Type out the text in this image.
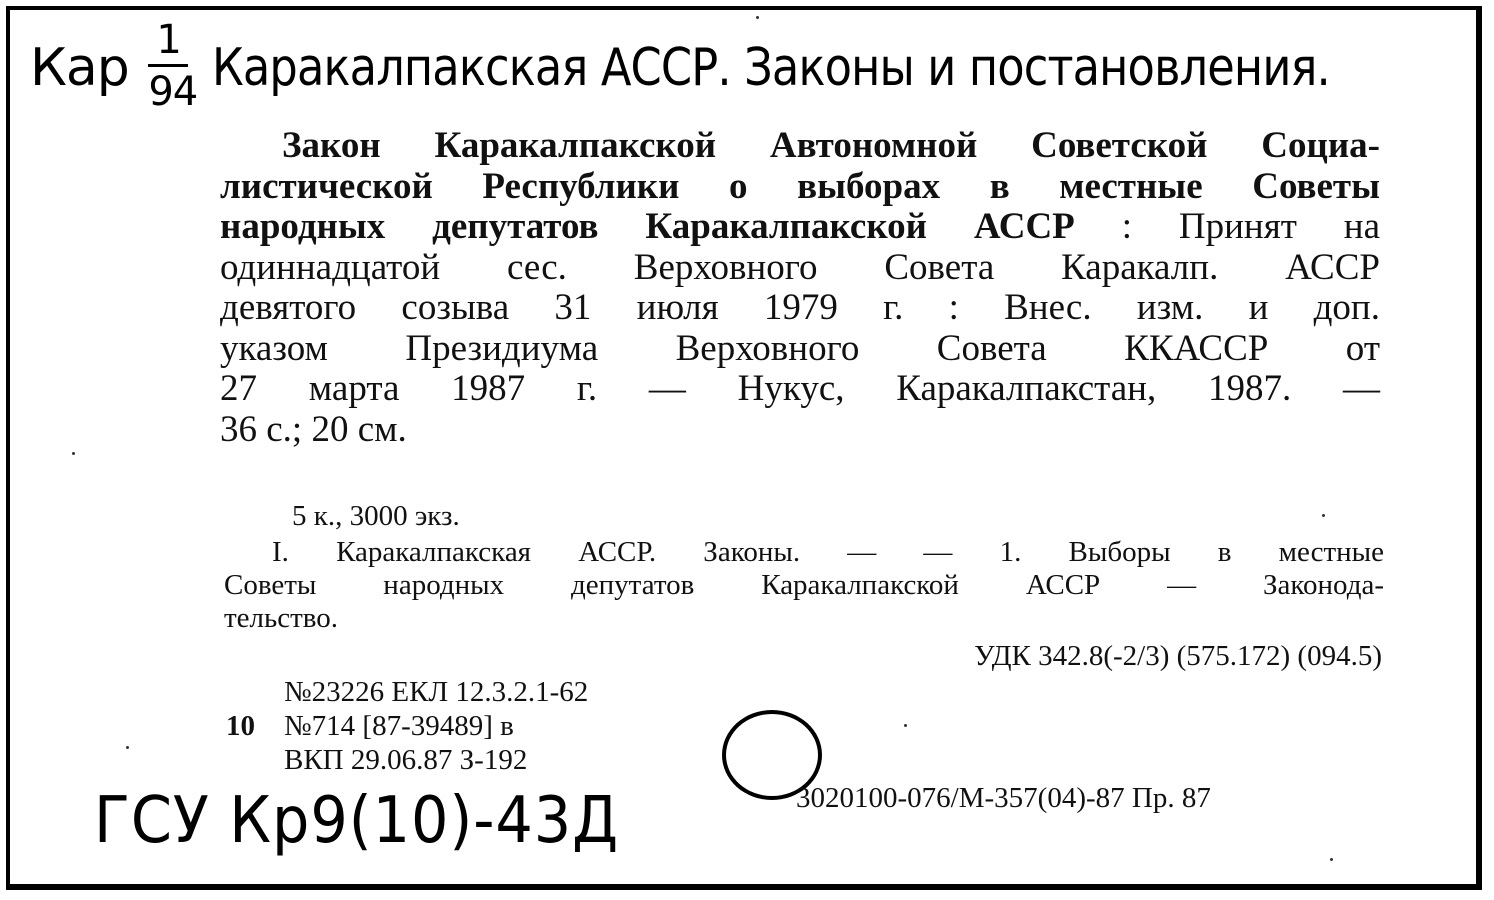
Кар
$\frac{1}{94}$
Каракалпакская АССР. Законы и постановления.
Закон Каракалпакской Автономной Советской Социа-
листической Республики о выборах в местные Советы
народных депутатов Каракалпакской АССР : Принят на
одиннадцатой сес. Верховного Совета Каракалп. АССР
девятого созыва 31 июля 1979 г. : Внес. изм. и доп.
указом Президиума Верховного Совета ККАССР от
27 марта 1987 г. — Нукус, Каракалпакстан, 1987. —
36 с.; 20 см.
5 к., 3000 экз.
I. Каракалпакская АССР. Законы. — — 1. Выборы в местные
Советы народных депутатов Каракалпакской АССР — Законода-
тельство.
УДК 342.8(-2/3) (575.172) (094.5)
№23226 ЕКЛ 12.3.2.1-62
10 №714 [87-39489] в
ВКП 29.06.87 З-192
3020100-076/М-357(04)-87 Пр. 87
ГСУ Кр9(10)-43Д
